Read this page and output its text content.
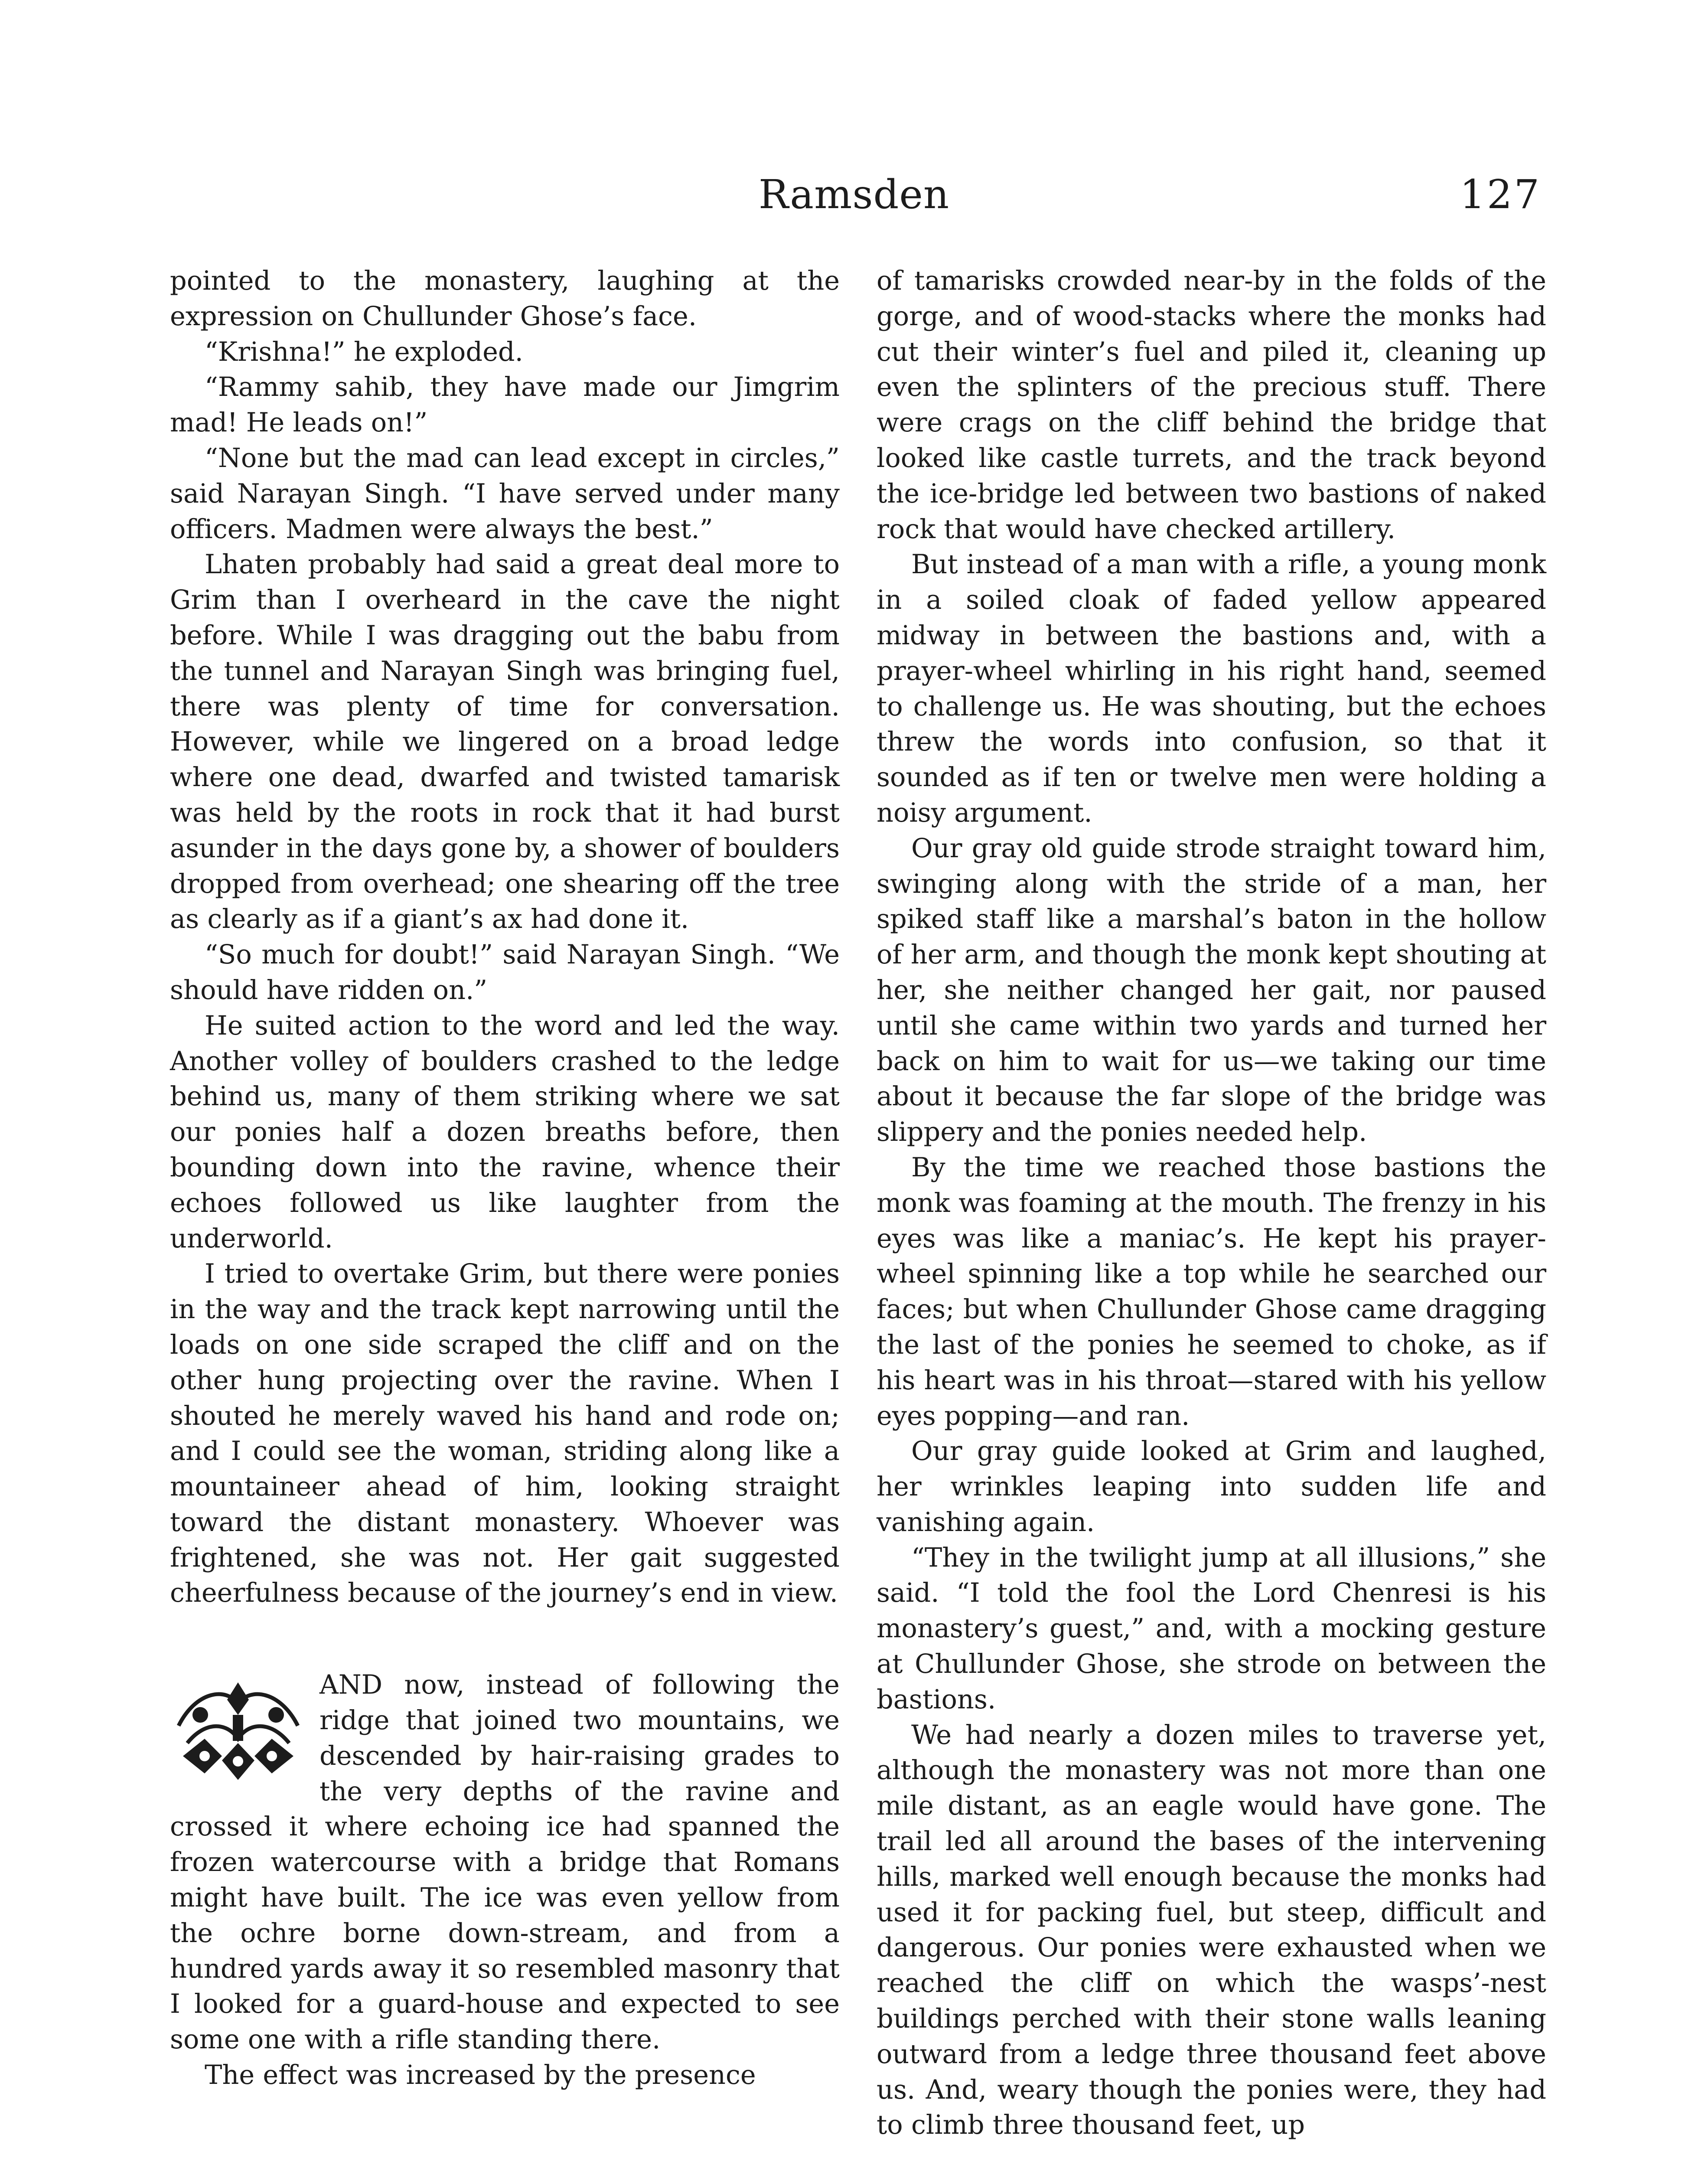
Ramsden	127

pointed to the monastery, laughing at the expression on Chullunder Ghose’s face.

“Krishna!” he exploded.

“Rammy sahib, they have made our Jimgrim mad! He leads on!”

“None but the mad can lead except in circles,” said Narayan Singh. “I have served under many officers. Madmen were always the best.”

Lhaten probably had said a great deal more to Grim than I overheard in the cave the night before. While I was dragging out the babu from the tunnel and Narayan Singh was bringing fuel, there was plenty of time for conversation. However, while we lingered on a broad ledge where one dead, dwarfed and twisted tamarisk was held by the roots in rock that it had burst asunder in the days gone by, a shower of boulders dropped from overhead; one shearing off the tree as clearly as if a giant’s ax had done it.

“So much for doubt!” said Narayan Singh. “We should have ridden on.”

He suited action to the word and led the way. Another volley of boulders crashed to the ledge behind us, many of them striking where we sat our ponies half a dozen breaths before, then bounding down into the ravine, whence their echoes followed us like laughter from the underworld.

I tried to overtake Grim, but there were ponies in the way and the track kept narrowing until the loads on one side scraped the cliff and on the other hung projecting over the ravine. When I shouted he merely waved his hand and rode on; and I could see the woman, striding along like a mountaineer ahead of him, looking straight toward the distant monastery. Whoever was frightened, she was not. Her gait suggested cheerfulness because of the journey’s end in view.

AND now, instead of following the ridge that joined two mountains, we descended by hair-raising grades to the very depths of the ravine and crossed it where echoing ice had spanned the frozen watercourse with a bridge that Romans might have built. The ice was even yellow from the ochre borne down-stream, and from a hundred yards away it so resembled masonry that I looked for a guard-house and expected to see some one with a rifle standing there.

The effect was increased by the presence

of tamarisks crowded near-by in the folds of the gorge, and of wood-stacks where the monks had cut their winter’s fuel and piled it, cleaning up even the splinters of the precious stuff. There were crags on the cliff behind the bridge that looked like castle turrets, and the track beyond the ice-bridge led between two bastions of naked rock that would have checked artillery.

But instead of a man with a rifle, a young monk in a soiled cloak of faded yellow appeared midway in between the bastions and, with a prayer-wheel whirling in his right hand, seemed to challenge us. He was shouting, but the echoes threw the words into confusion, so that it sounded as if ten or twelve men were holding a noisy argument.

Our gray old guide strode straight toward him, swinging along with the stride of a man, her spiked staff like a marshal’s baton in the hollow of her arm, and though the monk kept shouting at her, she neither changed her gait, nor paused until she came within two yards and turned her back on him to wait for us—we taking our time about it because the far slope of the bridge was slippery and the ponies needed help.

By the time we reached those bastions the monk was foaming at the mouth. The frenzy in his eyes was like a maniac’s. He kept his prayer-wheel spinning like a top while he searched our faces; but when Chullunder Ghose came dragging the last of the ponies he seemed to choke, as if his heart was in his throat—stared with his yellow eyes popping—and ran.

Our gray guide looked at Grim and laughed, her wrinkles leaping into sudden life and vanishing again.

“They in the twilight jump at all illusions,” she said. “I told the fool the Lord Chenresi is his monastery’s guest,” and, with a mocking gesture at Chullunder Ghose, she strode on between the bastions.

We had nearly a dozen miles to traverse yet, although the monastery was not more than one mile distant, as an eagle would have gone. The trail led all around the bases of the intervening hills, marked well enough because the monks had used it for packing fuel, but steep, difficult and dangerous. Our ponies were exhausted when we reached the cliff on which the wasps’-nest buildings perched with their stone walls leaning outward from a ledge three thousand feet above us. And, weary though the ponies were, they had to climb three thousand feet, up
